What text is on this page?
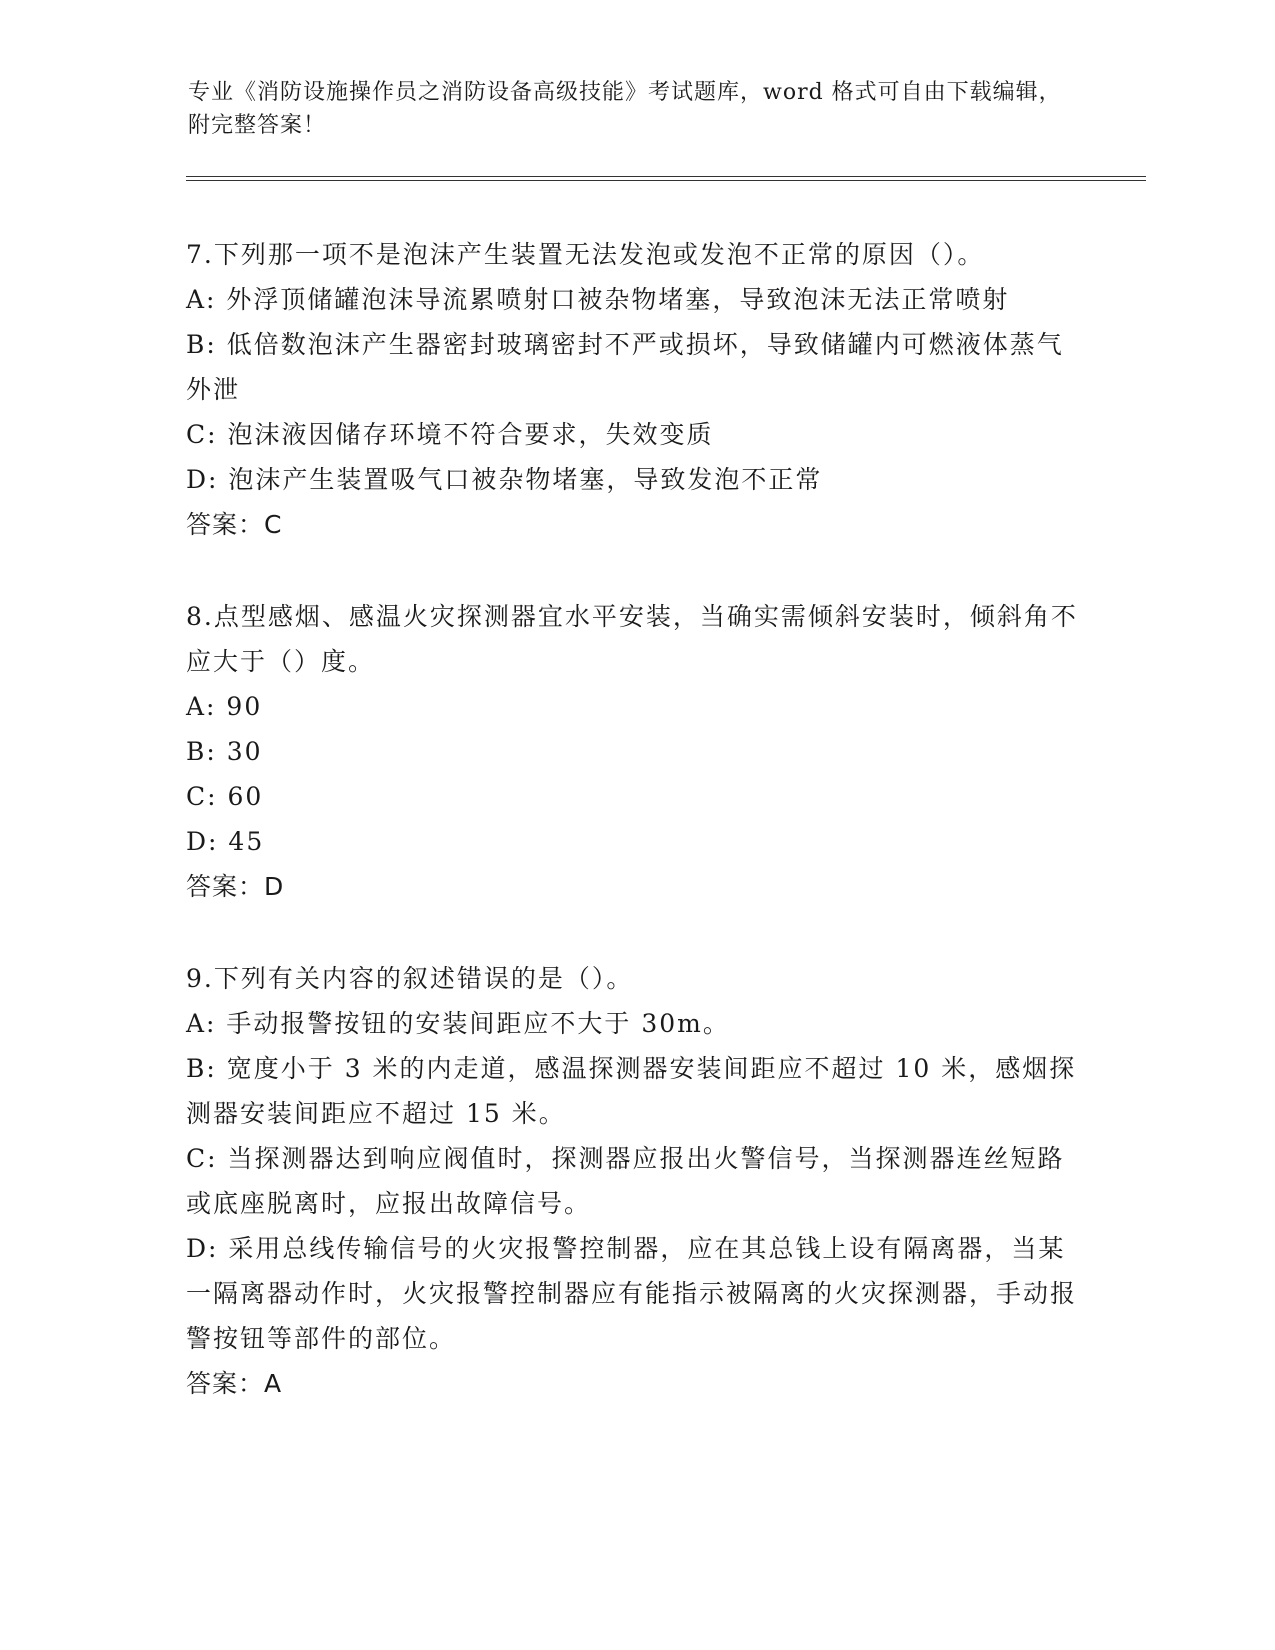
专业《消防设施操作员之消防设备高级技能》考试题库，word 格式可自由下载编辑，附完整答案！

7.下列那一项不是泡沫产生装置无法发泡或发泡不正常的原因（）。

A: 外浮顶储罐泡沫导流累喷射口被杂物堵塞，导致泡沫无法正常喷射

B: 低倍数泡沫产生器密封玻璃密封不严或损坏，导致储罐内可燃液体蒸气外泄

C: 泡沫液因储存环境不符合要求，失效变质

D: 泡沫产生装置吸气口被杂物堵塞，导致发泡不正常

答案：C

8.点型感烟、感温火灾探测器宜水平安装，当确实需倾斜安装时，倾斜角不应大于（）度。

A: 90

B: 30

C: 60

D: 45

答案：D

9.下列有关内容的叙述错误的是（）。

A: 手动报警按钮的安装间距应不大于 30m。

B: 宽度小于 3 米的内走道，感温探测器安装间距应不超过 10 米，感烟探测器安装间距应不超过 15 米。

C: 当探测器达到响应阀值时，探测器应报出火警信号，当探测器连丝短路或底座脱离时，应报出故障信号。

D: 采用总线传输信号的火灾报警控制器，应在其总钱上设有隔离器，当某一隔离器动作时，火灾报警控制器应有能指示被隔离的火灾探测器，手动报警按钮等部件的部位。

答案：A
